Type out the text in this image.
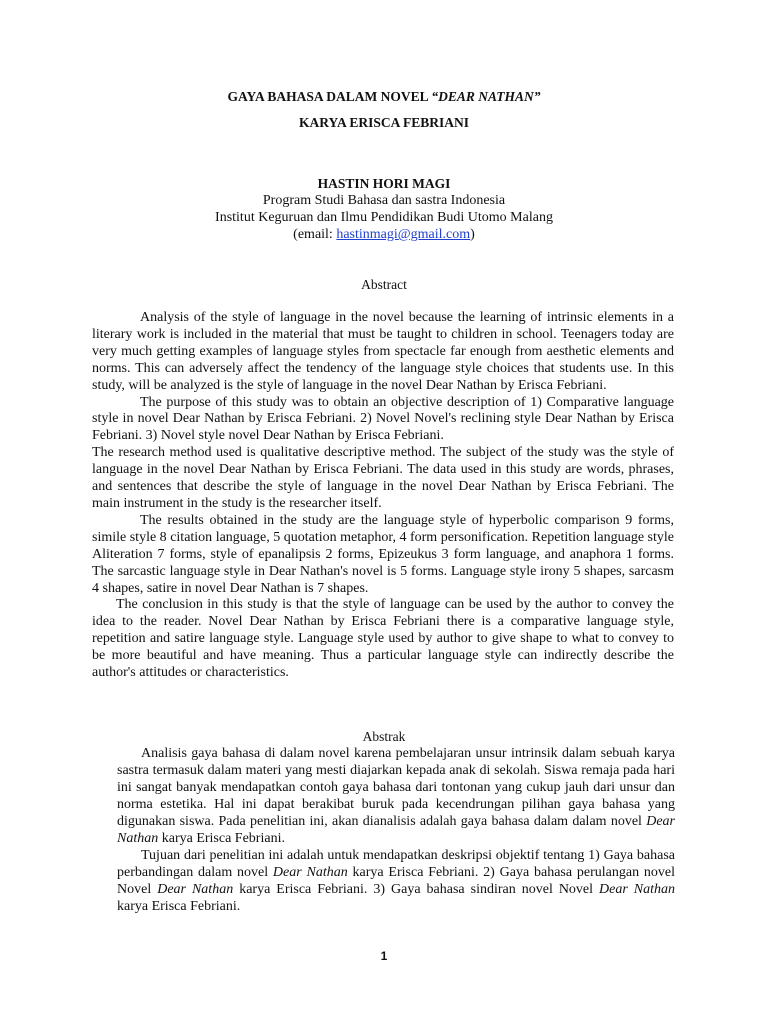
GAYA BAHASA DALAM NOVEL “DEAR NATHAN”
KARYA ERISCA FEBRIANI
HASTIN HORI MAGI
Program Studi Bahasa dan sastra Indonesia
Institut Keguruan dan Ilmu Pendidikan Budi Utomo Malang
(email: hastinmagi@gmail.com)
Abstract

Analysis of the style of language in the novel because the learning of intrinsic elements in a literary work is included in the material that must be taught to children in school. Teenagers today are very much getting examples of language styles from spectacle far enough from aesthetic elements and norms. This can adversely affect the tendency of the language style choices that students use. In this study, will be analyzed is the style of language in the novel Dear Nathan by Erisca Febriani.

The purpose of this study was to obtain an objective description of 1) Comparative language style in novel Dear Nathan by Erisca Febriani. 2) Novel Novel's reclining style Dear Nathan by Erisca Febriani. 3) Novel style novel Dear Nathan by Erisca Febriani.

The research method used is qualitative descriptive method. The subject of the study was the style of language in the novel Dear Nathan by Erisca Febriani. The data used in this study are words, phrases, and sentences that describe the style of language in the novel Dear Nathan by Erisca Febriani. The main instrument in the study is the researcher itself.

The results obtained in the study are the language style of hyperbolic comparison 9 forms, simile style 8 citation language, 5 quotation metaphor, 4 form personification. Repetition language style Aliteration 7 forms, style of epanalipsis 2 forms, Epizeukus 3 form language, and anaphora 1 forms. The sarcastic language style in Dear Nathan's novel is 5 forms. Language style irony 5 shapes, sarcasm 4 shapes, satire in novel Dear Nathan is 7 shapes.

The conclusion in this study is that the style of language can be used by the author to convey the idea to the reader. Novel Dear Nathan by Erisca Febriani there is a comparative language style, repetition and satire language style. Language style used by author to give shape to what to convey to be more beautiful and have meaning. Thus a particular language style can indirectly describe the author's attitudes or characteristics.

Abstrak

Analisis gaya bahasa di dalam novel karena pembelajaran unsur intrinsik dalam sebuah karya sastra termasuk dalam materi yang mesti diajarkan kepada anak di sekolah. Siswa remaja pada hari ini sangat banyak mendapatkan contoh gaya bahasa dari tontonan yang cukup jauh dari unsur dan norma estetika. Hal ini dapat berakibat buruk pada kecendrungan pilihan gaya bahasa yang digunakan siswa. Pada penelitian ini, akan dianalisis adalah gaya bahasa dalam dalam novel Dear Nathan karya Erisca Febriani.

Tujuan dari penelitian ini adalah untuk mendapatkan deskripsi objektif tentang 1) Gaya bahasa perbandingan dalam novel Dear Nathan karya Erisca Febriani. 2) Gaya bahasa perulangan novel Novel Dear Nathan karya Erisca Febriani. 3) Gaya bahasa sindiran novel Novel Dear Nathan karya Erisca Febriani.

1
